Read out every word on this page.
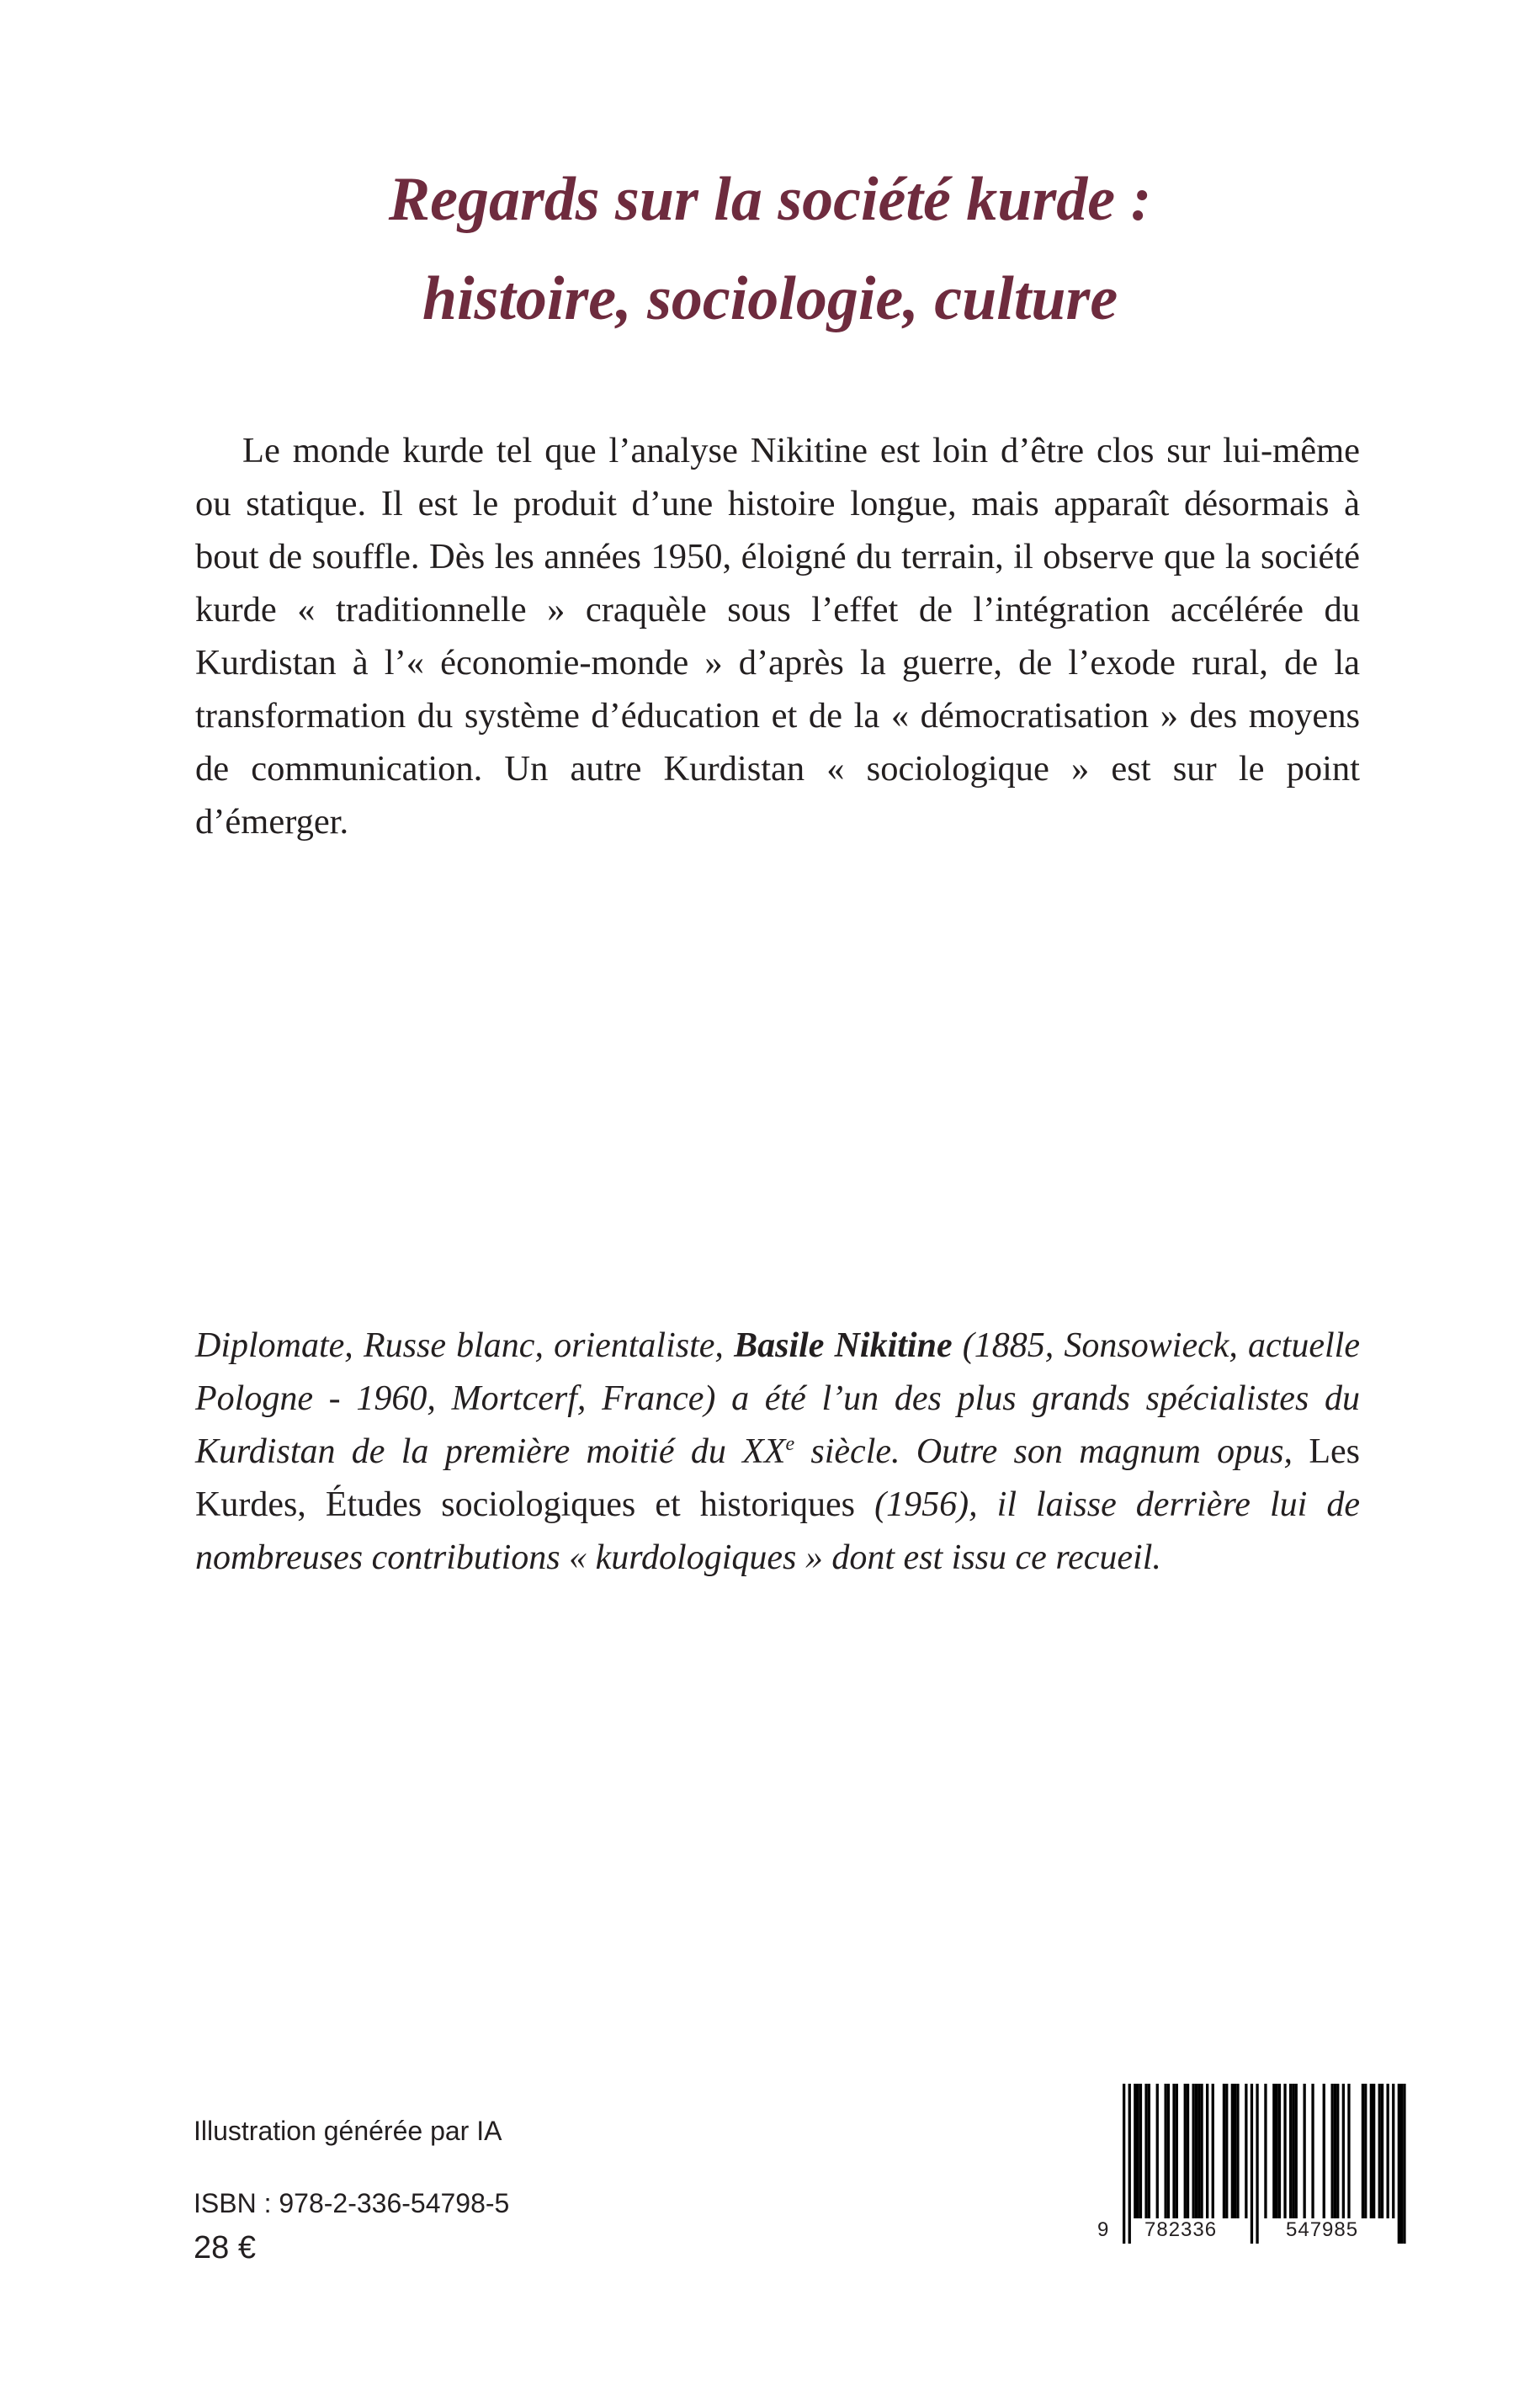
Regards sur la société kurde :
histoire, sociologie, culture

Le monde kurde tel que l’analyse Nikitine est loin d’être clos sur lui-même ou statique. Il est le produit d’une histoire longue, mais apparaît désormais à bout de souffle. Dès les années 1950, éloigné du terrain, il observe que la société kurde « traditionnelle » craquèle sous l’effet de l’intégration accélérée du Kurdistan à l’« économie-monde » d’après la guerre, de l’exode rural, de la transformation du système d’éducation et de la « démocratisation » des moyens de communication. Un autre Kurdistan « sociologique » est sur le point d’émerger.

Diplomate, Russe blanc, orientaliste, Basile Nikitine (1885, Sonsowieck, actuelle Pologne - 1960, Mortcerf, France) a été l’un des plus grands spécialistes du Kurdistan de la première moitié du XXe siècle. Outre son magnum opus, Les Kurdes, Études sociologiques et historiques (1956), il laisse derrière lui de nombreuses contributions « kurdologiques » dont est issu ce recueil.

Illustration générée par IA

ISBN : 978-2-336-54798-5

28 €

9 782336	547985
